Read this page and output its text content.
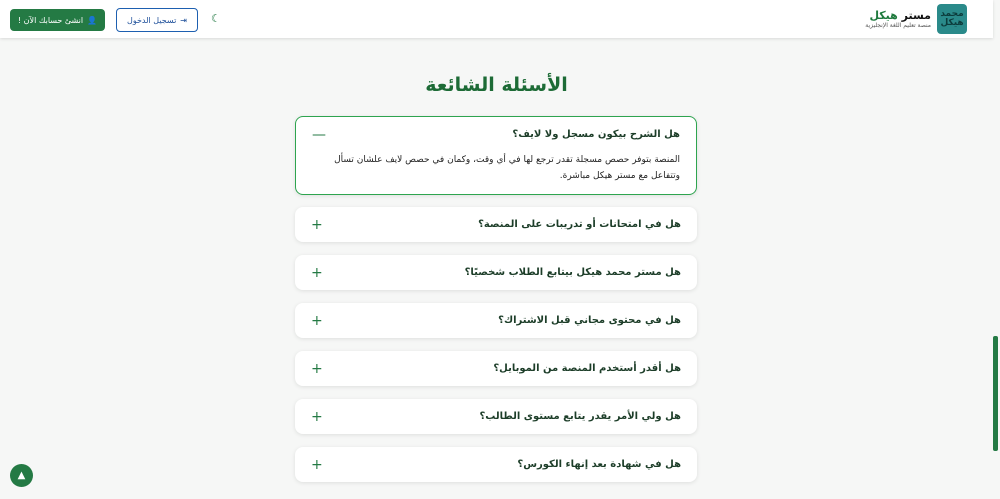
👤
انشئ حسابك الآن !	⇥
تسجيل الدخول	☾	محمد
هيكل
مستر هيكل
منصة تعليم اللغة الإنجليزية
الأسئلة الشائعة
هل الشرح بيكون مسجل ولا لايف؟
—
المنصة بتوفر حصص مسجلة تقدر ترجع لها في أي وقت، وكمان في حصص لايف علشان تسأل وتتفاعل مع مستر هيكل مباشرة.
هل في امتحانات أو تدريبات على المنصة؟
+
هل مستر محمد هيكل بيتابع الطلاب شخصيًا؟
+
هل في محتوى مجاني قبل الاشتراك؟
+
هل أقدر أستخدم المنصة من الموبايل؟
+
هل ولي الأمر يقدر يتابع مستوى الطالب؟
+
هل في شهادة بعد إنهاء الكورس؟
+
▲
